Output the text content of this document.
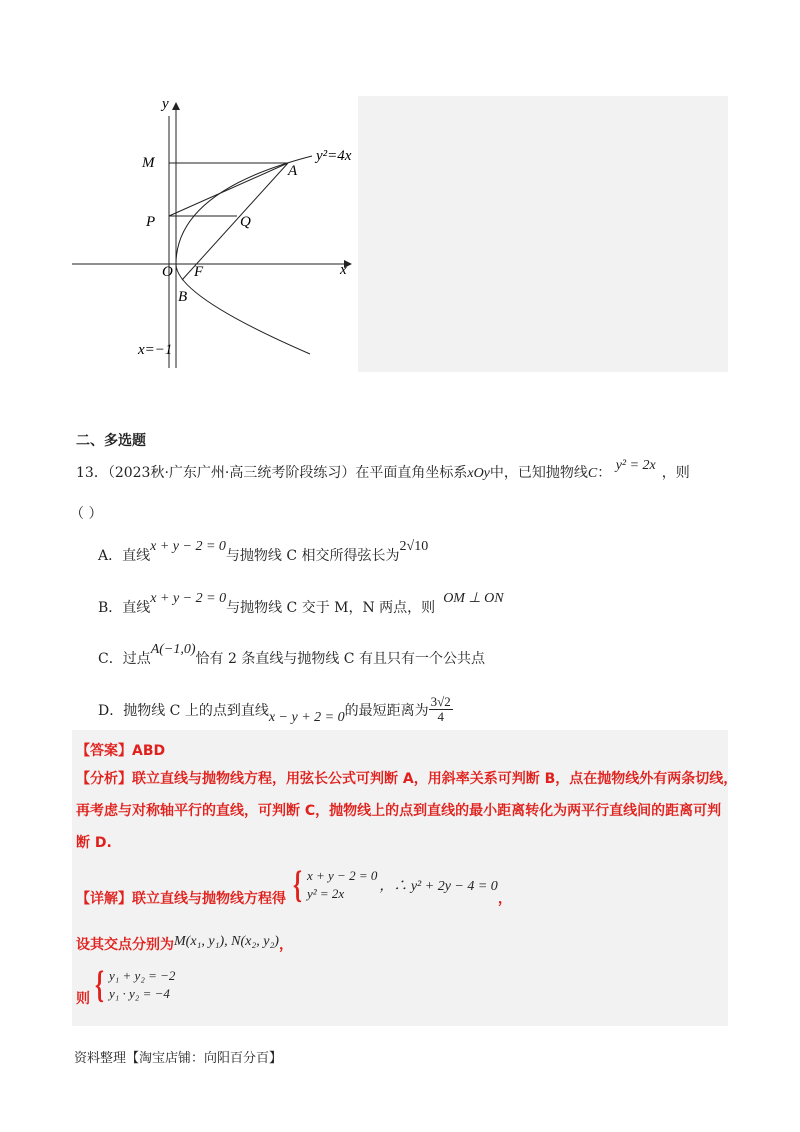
y
x
O F
M	A
P	Q
B
y²=4x
x=−1
二、多选题
13．（2023秋·广东广州·高三统考阶段练习）在平面直角坐标系xOy中，已知抛物线C： y² = 2x ，则
（ ）
A．直线x + y − 2 = 0与抛物线 C 相交所得弦长为2√10
B．直线x + y − 2 = 0与抛物线 C 交于 M，N 两点，则OM ⊥ ON
C．过点A(−1,0)恰有 2 条直线与抛物线 C 有且只有一个公共点
D．抛物线 C 上的点到直线 x − y + 2 = 0 的最短距离为 $\frac{3√2}{4}$
【答案】ABD
【分析】联立直线与抛物线方程，用弦长公式可判断 A，用斜率关系可判断 B，点在抛物线外有两条切线，
再考虑与对称轴平行的直线，可判断 C，抛物线上的点到直线的最小距离转化为两平行直线间的距离可判
断 D.
【详解】联立直线与抛物线方程得 { x + y − 2 = 0
y² = 2x	，∴ y² + 2y − 4 = 0
，
设其交点分别为M(x₁, y₁), N(x₂, y₂)，
则 { y₁ + y₂ = −2
y₁ · y₂ = −4
资料整理【淘宝店铺：向阳百分百】
